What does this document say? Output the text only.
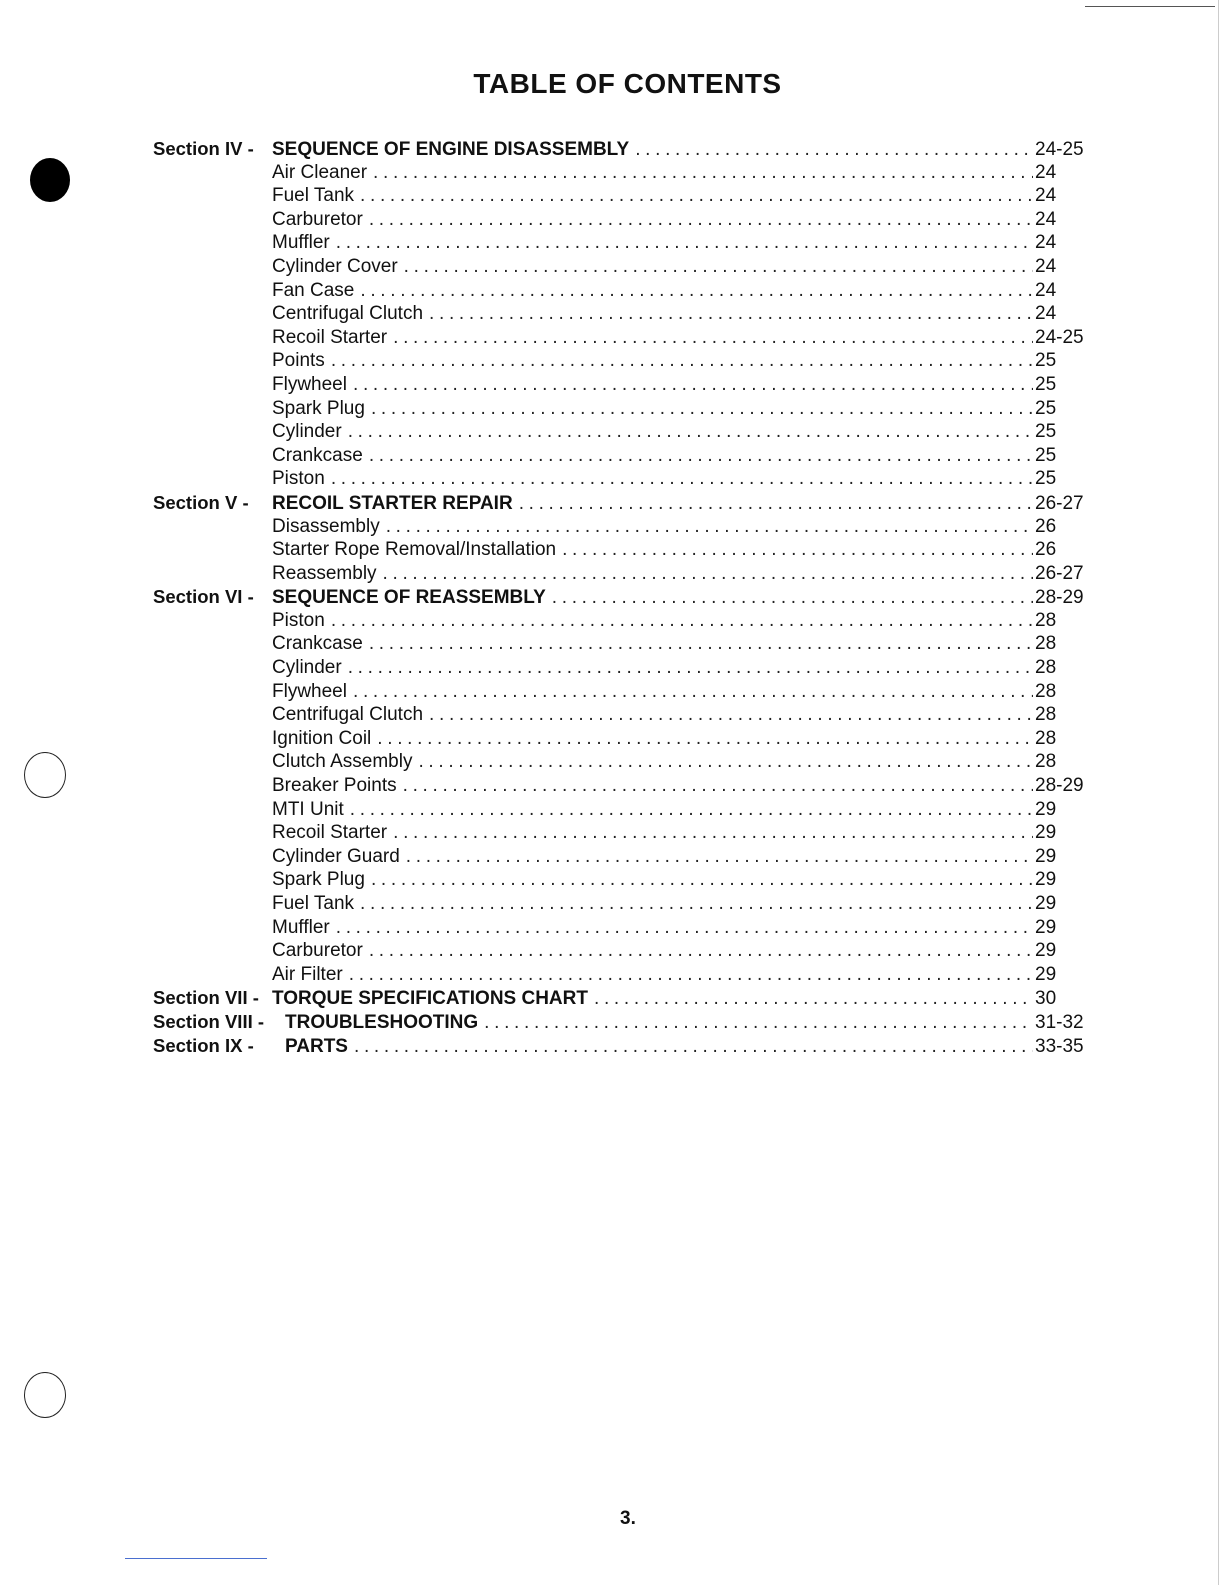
TABLE OF CONTENTS
Section IV - SEQUENCE OF ENGINE DISASSEMBLY . . .	24-25
Air Cleaner . . .	24
Fuel Tank . . .	24
Carburetor . . .	24
Muffler . . .	24
Cylinder Cover . . .	24
Fan Case . . .	24
Centrifugal Clutch . . .	24
Recoil Starter . . .	24-25
Points . . .	25
Flywheel . . .	25
Spark Plug . . .	25
Cylinder . . .	25
Crankcase . . .	25
Piston . . .	25
Section V -	RECOIL STARTER REPAIR . . .	26-27
Disassembly . . .	26
Starter Rope Removal/Installation . . .	26
Reassembly . . .	26-27
Section VI - SEQUENCE OF REASSEMBLY . . .	28-29
Piston . . .	28
Crankcase . . .	28
Cylinder . . .	28
Flywheel . . .	28
Centrifugal Clutch . . .	28
Ignition Coil . . .	28
Clutch Assembly . . .	28
Breaker Points . . .	28-29
MTI Unit . . .	29
Recoil Starter . . .	29
Cylinder Guard . . .	29
Spark Plug . . .	29
Fuel Tank . . .	29
Muffler . . .	29
Carburetor . . .	29
Air Filter . . .	29
Section VII - TORQUE SPECIFICATIONS CHART . . .	30
Section VIII -	TROUBLESHOOTING . . .	31-32
Section IX -	PARTS . . .	33-35
3.
